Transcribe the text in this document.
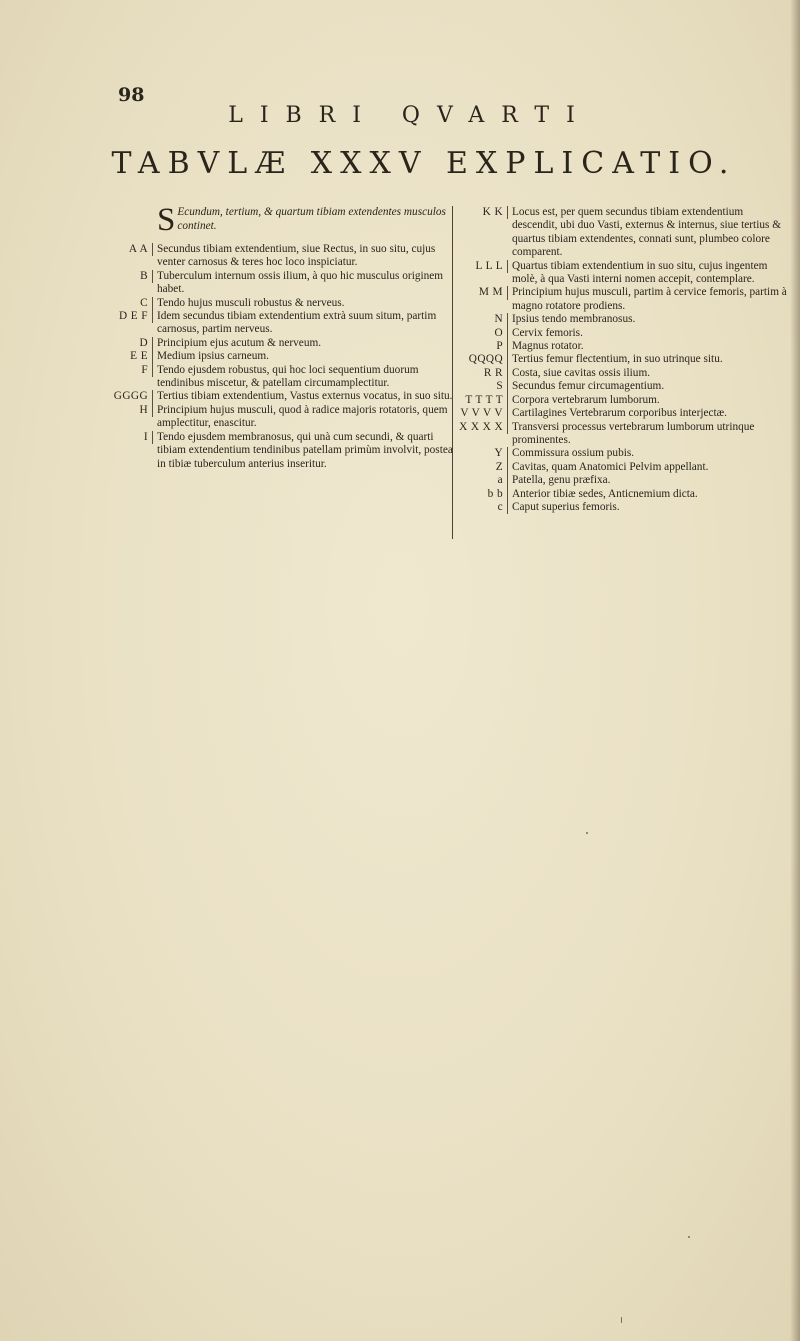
98
LIBRI QVARTI
TABVLÆ XXXV EXPLICATIO.
S Ecundum, tertium, & quartum tibiam extendentes musculos continet.
A A Secundus tibiam extendentium, siue Rectus, in suo situ, cujus venter carnosus & teres hoc loco inspiciatur.
B Tuberculum internum ossis ilium, à quo hic musculus originem habet.
C Tendo hujus musculi robustus & nerveus.
D E F Idem secundus tibiam extendentium extrà suum situm, partim carnosus, partim nerveus.
D Principium ejus acutum & nerveum.
E E Medium ipsius carneum.
F Tendo ejusdem robustus, qui hoc loci sequentium duorum tendinibus miscetur, & patellam circumamplectitur.
GGGG Tertius tibiam extendentium, Vastus externus vocatus, in suo situ.
H Principium hujus musculi, quod à radice majoris rotatoris, quem amplectitur, enascitur.
I Tendo ejusdem membranosus, qui unà cum secundi, & quarti tibiam extendentium tendinibus patellam primùm involvit, postea in tibiæ tuberculum anterius inseritur.
K K Locus est, per quem secundus tibiam extendentium descendit, ubi duo Vasti, externus & internus, siue tertius & quartus tibiam extendentes, connati sunt, plumbeo colore comparent.
L L L Quartus tibiam extendentium in suo situ, cujus ingentem molè, à qua Vasti interni nomen accepit, contemplare.
M M Principium hujus musculi, partim à cervice femoris, partim à magno rotatore prodiens.
N Ipsius tendo membranosus.
O Cervix femoris.
P Magnus rotator.
QQQQ Tertius femur flectentium, in suo utrinque situ.
R R Costa, siue cavitas ossis ilium.
S Secundus femur circumagentium.
T T T T Corpora vertebrarum lumborum.
V V V V Cartilagines Vertebrarum corporibus interjectæ.
X X X X Transversi processus vertebrarum lumborum utrinque prominentes.
Y Commissura ossium pubis.
Z Cavitas, quam Anatomici Pelvim appellant.
a Patella, genu præfixa.
b b Anterior tibiæ sedes, Anticnemium dicta.
c Caput superius femoris.
